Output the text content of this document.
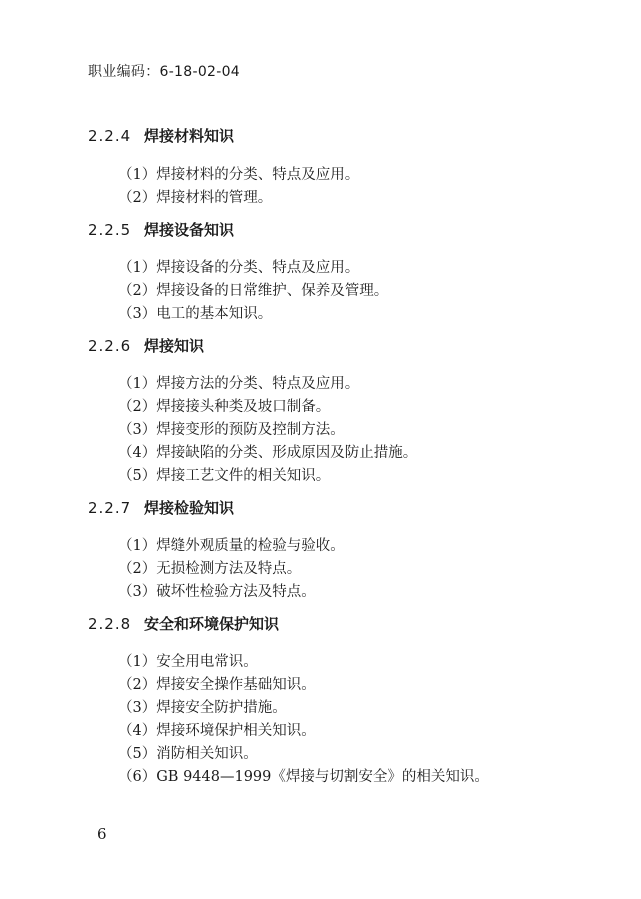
职业编码：6-18-02-04
2.2.4 焊接材料知识
（1）焊接材料的分类、特点及应用。
（2）焊接材料的管理。
2.2.5 焊接设备知识
（1）焊接设备的分类、特点及应用。
（2）焊接设备的日常维护、保养及管理。
（3）电工的基本知识。
2.2.6 焊接知识
（1）焊接方法的分类、特点及应用。
（2）焊接接头种类及坡口制备。
（3）焊接变形的预防及控制方法。
（4）焊接缺陷的分类、形成原因及防止措施。
（5）焊接工艺文件的相关知识。
2.2.7 焊接检验知识
（1）焊缝外观质量的检验与验收。
（2）无损检测方法及特点。
（3）破坏性检验方法及特点。
2.2.8 安全和环境保护知识
（1）安全用电常识。
（2）焊接安全操作基础知识。
（3）焊接安全防护措施。
（4）焊接环境保护相关知识。
（5）消防相关知识。
（6）GB 9448—1999《焊接与切割安全》的相关知识。
6
